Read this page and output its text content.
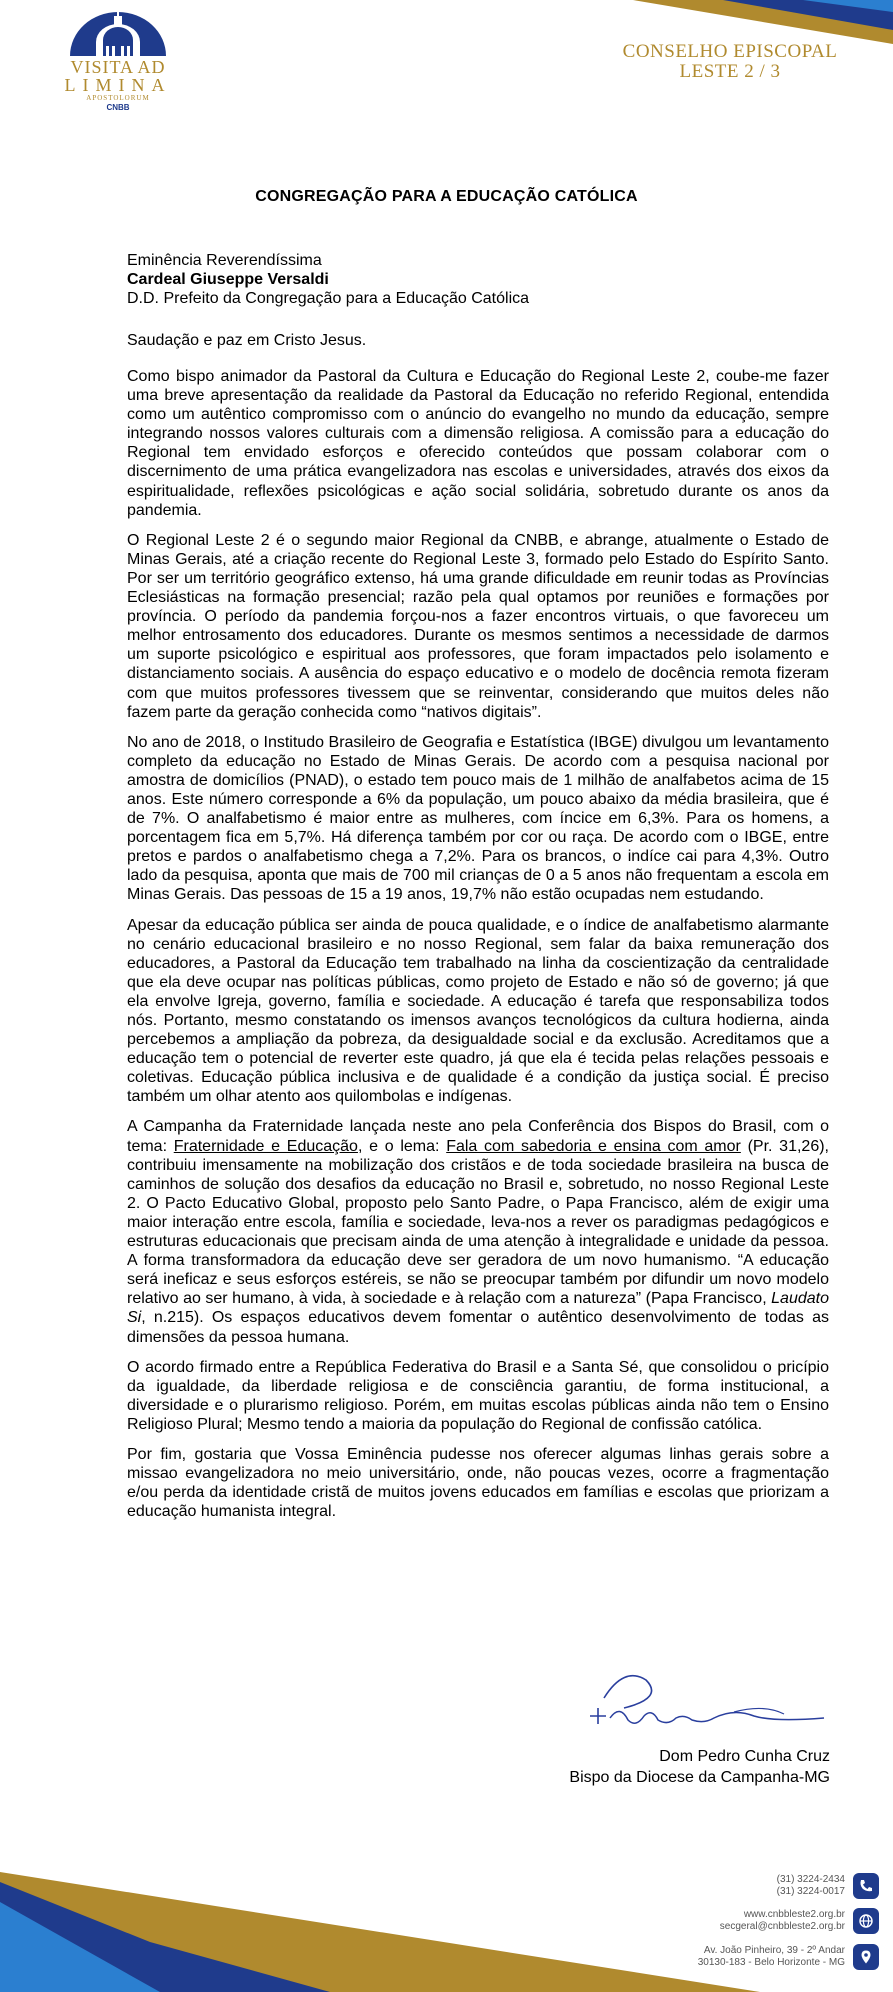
VISITA AD
LIMINA
APOSTOLORUM
CNBB
CONSELHO EPISCOPAL
LESTE 2 / 3
CONGREGAÇÃO PARA A EDUCAÇÃO CATÓLICA
Eminência Reverendíssima
Cardeal Giuseppe Versaldi
D.D. Prefeito da Congregação para a Educação Católica
Saudação e paz em Cristo Jesus.

Como bispo animador da Pastoral da Cultura e Educação do Regional Leste 2, coube-me fazer uma breve apresentação da realidade da Pastoral da Educação no referido Regional, entendida como um autêntico compromisso com o anúncio do evangelho no mundo da educação, sempre integrando nossos valores culturais com a dimensão religiosa. A comissão para a educação do Regional tem envidado esforços e oferecido conteúdos que possam colaborar com o discernimento de uma prática evangelizadora nas escolas e universidades, através dos eixos da espiritualidade, reflexões psicológicas e ação social solidária, sobretudo durante os anos da pandemia.

O Regional Leste 2 é o segundo maior Regional da CNBB, e abrange, atualmente o Estado de Minas Gerais, até a criação recente do Regional Leste 3, formado pelo Estado do Espírito Santo. Por ser um território geográfico extenso, há uma grande dificuldade em reunir todas as Províncias Eclesiásticas na formação presencial; razão pela qual optamos por reuniões e formações por província. O período da pandemia forçou-nos a fazer encontros virtuais, o que favoreceu um melhor entrosamento dos educadores. Durante os mesmos sentimos a necessidade de darmos um suporte psicológico e espiritual aos professores, que foram impactados pelo isolamento e distanciamento sociais. A ausência do espaço educativo e o modelo de docência remota fizeram com que muitos professores tivessem que se reinventar, considerando que muitos deles não fazem parte da geração conhecida como “nativos digitais”.

No ano de 2018, o Institudo Brasileiro de Geografia e Estatística (IBGE) divulgou um levantamento completo da educação no Estado de Minas Gerais. De acordo com a pesquisa nacional por amostra de domicílios (PNAD), o estado tem pouco mais de 1 milhão de analfabetos acima de 15 anos. Este número corresponde a 6% da população, um pouco abaixo da média brasileira, que é de 7%. O analfabetismo é maior entre as mulheres, com íncice em 6,3%. Para os homens, a porcentagem fica em 5,7%. Há diferença também por cor ou raça. De acordo com o IBGE, entre pretos e pardos o analfabetismo chega a 7,2%. Para os brancos, o indíce cai para 4,3%. Outro lado da pesquisa, aponta que mais de 700 mil crianças de 0 a 5 anos não frequentam a escola em Minas Gerais. Das pessoas de 15 a 19 anos, 19,7% não estão ocupadas nem estudando.

Apesar da educação pública ser ainda de pouca qualidade, e o índice de analfabetismo alarmante no cenário educacional brasileiro e no nosso Regional, sem falar da baixa remuneração dos educadores, a Pastoral da Educação tem trabalhado na linha da coscientização da centralidade que ela deve ocupar nas políticas públicas, como projeto de Estado e não só de governo; já que ela envolve Igreja, governo, família e sociedade. A educação é tarefa que responsabiliza todos nós. Portanto, mesmo constatando os imensos avanços tecnológicos da cultura hodierna, ainda percebemos a ampliação da pobreza, da desigualdade social e da exclusão. Acreditamos que a educação tem o potencial de reverter este quadro, já que ela é tecida pelas relações pessoais e coletivas. Educação pública inclusiva e de qualidade é a condição da justiça social. É preciso também um olhar atento aos quilombolas e indígenas.

A Campanha da Fraternidade lançada neste ano pela Conferência dos Bispos do Brasil, com o tema: Fraternidade e Educação, e o lema: Fala com sabedoria e ensina com amor (Pr. 31,26), contribuiu imensamente na mobilização dos cristãos e de toda sociedade brasileira na busca de caminhos de solução dos desafios da educação no Brasil e, sobretudo, no nosso Regional Leste 2. O Pacto Educativo Global, proposto pelo Santo Padre, o Papa Francisco, além de exigir uma maior interação entre escola, família e sociedade, leva-nos a rever os paradigmas pedagógicos e estruturas educacionais que precisam ainda de uma atenção à integralidade e unidade da pessoa. A forma transformadora da educação deve ser geradora de um novo humanismo. “A educação será ineficaz e seus esforços estéreis, se não se preocupar também por difundir um novo modelo relativo ao ser humano, à vida, à sociedade e à relação com a natureza” (Papa Francisco, Laudato Si, n.215). Os espaços educativos devem fomentar o autêntico desenvolvimento de todas as dimensões da pessoa humana.

O acordo firmado entre a República Federativa do Brasil e a Santa Sé, que consolidou o pricípio da igualdade, da liberdade religiosa e de consciência garantiu, de forma institucional, a diversidade e o plurarismo religioso. Porém, em muitas escolas públicas ainda não tem o Ensino Religioso Plural; Mesmo tendo a maioria da população do Regional de confissão católica.

Por fim, gostaria que Vossa Eminência pudesse nos oferecer algumas linhas gerais sobre a missao evangelizadora no meio universitário, onde, não poucas vezes, ocorre a fragmentação e/ou perda da identidade cristã de muitos jovens educados em famílias e escolas que priorizam a educação humanista integral.

Dom Pedro Cunha Cruz
Bispo da Diocese da Campanha-MG
(31) 3224-2434
(31) 3224-0017
www.cnbbleste2.org.br
secgeral@cnbbleste2.org.br
Av. João Pinheiro, 39 - 2º Andar
30130-183 - Belo Horizonte - MG
